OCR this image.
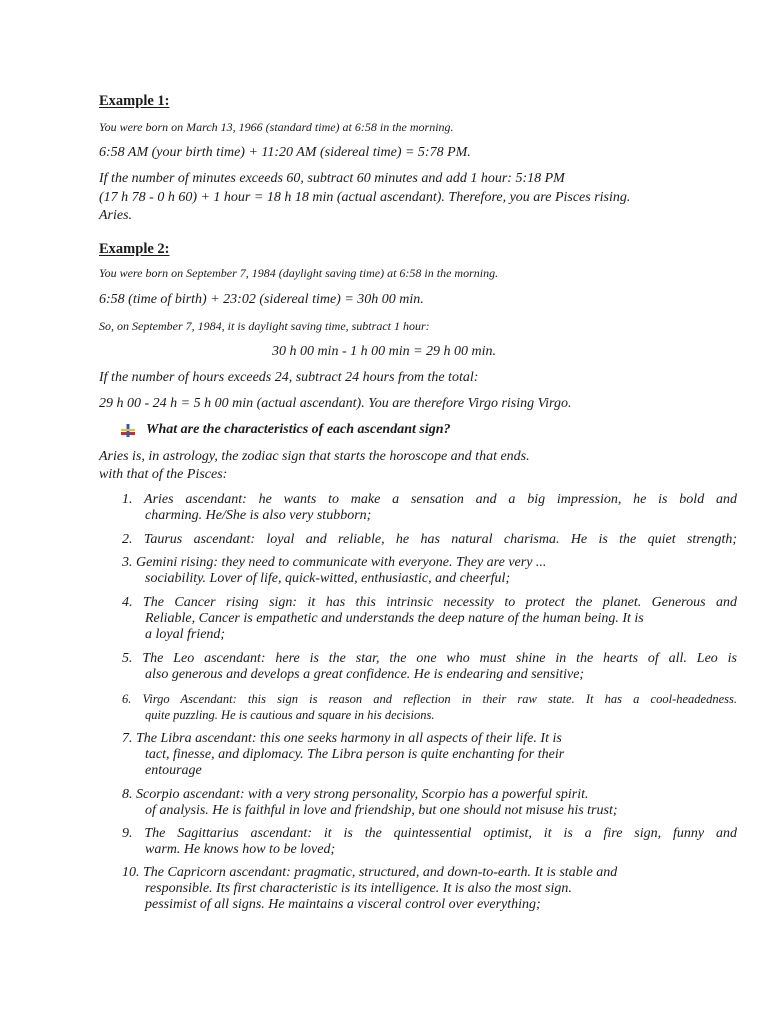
Example 1:
You were born on March 13, 1966 (standard time) at 6:58 in the morning.
6:58 AM (your birth time) + 11:20 AM (sidereal time) = 5:78 PM.
If the number of minutes exceeds 60, subtract 60 minutes and add 1 hour: 5:18 PM
(17 h 78 - 0 h 60) + 1 hour = 18 h 18 min (actual ascendant). Therefore, you are Pisces rising.
Aries.
Example 2:
You were born on September 7, 1984 (daylight saving time) at 6:58 in the morning.
6:58 (time of birth) + 23:02 (sidereal time) = 30h 00 min.
So, on September 7, 1984, it is daylight saving time, subtract 1 hour:
30 h 00 min - 1 h 00 min = 29 h 00 min.
If the number of hours exceeds 24, subtract 24 hours from the total:
29 h 00 - 24 h = 5 h 00 min (actual ascendant). You are therefore Virgo rising Virgo.
What are the characteristics of each ascendant sign?
Aries is, in astrology, the zodiac sign that starts the horoscope and that ends.
with that of the Pisces:
1. Aries ascendant: he wants to make a sensation and a big impression, he is bold and
charming. He/She is also very stubborn;
2. Taurus ascendant: loyal and reliable, he has natural charisma. He is the quiet strength;
3. Gemini rising: they need to communicate with everyone. They are very ...
sociability. Lover of life, quick-witted, enthusiastic, and cheerful;
4. The Cancer rising sign: it has this intrinsic necessity to protect the planet. Generous and
Reliable, Cancer is empathetic and understands the deep nature of the human being. It is
a loyal friend;
5. The Leo ascendant: here is the star, the one who must shine in the hearts of all. Leo is
also generous and develops a great confidence. He is endearing and sensitive;
6. Virgo Ascendant: this sign is reason and reflection in their raw state. It has a cool-headedness.
quite puzzling. He is cautious and square in his decisions.
7. The Libra ascendant: this one seeks harmony in all aspects of their life. It is
tact, finesse, and diplomacy. The Libra person is quite enchanting for their
entourage
8. Scorpio ascendant: with a very strong personality, Scorpio has a powerful spirit.
of analysis. He is faithful in love and friendship, but one should not misuse his trust;
9. The Sagittarius ascendant: it is the quintessential optimist, it is a fire sign, funny and
warm. He knows how to be loved;
10. The Capricorn ascendant: pragmatic, structured, and down-to-earth. It is stable and
responsible. Its first characteristic is its intelligence. It is also the most sign.
pessimist of all signs. He maintains a visceral control over everything;
